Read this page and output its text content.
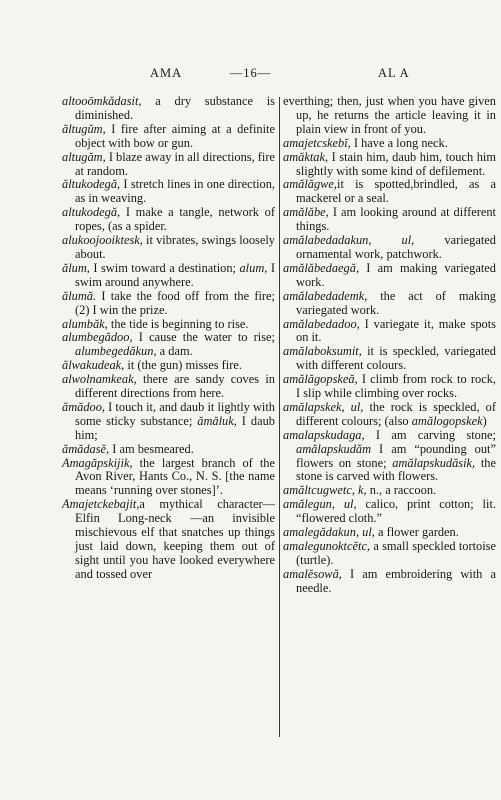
AMA	—16—	AL A

altooōmkădasit, a dry substance is diminished.

ăltugŭm, I fire after aiming at a definite object with bow or gun.

altugăm, I blaze away in all directions, fire at random.

ăltukodegă, I stretch lines in one direction, as in weaving.

altukodegă, I make a tangle, network of ropes, (as a spider.

alukoojooiktesk, it vibrates, swings loosely about.

ălum, I swim toward a destination; alum, I swim around anywhere.

ălumă. I take the food off from the fire; (2) I win the prize.

alumbăk, the tide is beginning to rise.

alumbegădoo, I cause the water to rise; alumbegedăkun, a dam.

ălwakudeak, it (the gun) misses fire.

alwolnamkeak, there are sandy coves in different directions from here.

ămădoo, I touch it, and daub it lightly with some sticky substance; ămăluk, I daub him;

ămădasĕ, I am besmeared.

Amagăpskijik, the largest branch of the Avon River, Hants Co., N. S. [the name means ‘running over stones]’.

Amajetckebajit,a mythical character—Elfin Long-neck —an invisible mischievous elf that snatches up things just laid down, keeping them out of sight until you have looked everywhere and tossed over

everthing; then, just when you have given up, he returns the article leaving it in plain view in front of you.

amajetcskebĭ, I have a long neck.

amăktak, I stain him, daub him, touch him slightly with some kind of defilement.

amălăgwe,it is spotted,brindled, as a mackerel or a seal.

amălăbe, I am looking around at different things.

amălabedadakun, ul, variegated ornamental work, patchwork.

amălăbedaegă, I am making variegated work.

amălabedademk, the act of making variegated work.

amălabedadoo, I variegate it, make spots on it.

amălaboksumit, it is speckled, variegated with different colours.

amălăgopskeă, I climb from rock to rock, I slip while climbing over rocks.

amălapskek, ul, the rock is speckled, of different colours; (also amălogopskek)

amalapskudaga, I am carving stone; amălapskudăm I am “pounding out” flowers on stone; amălapskudăsik, the stone is carved with flowers.

amăltcugwetc, k, n., a raccoon.

amălegun, ul, calico, print cotton; lit. “flowered cloth.”

amalegădakun, ul, a flower garden.

amalegunoktcĕtc, a small speckled tortoise (turtle).

amalĕsowă, I am embroidering with a needle.
